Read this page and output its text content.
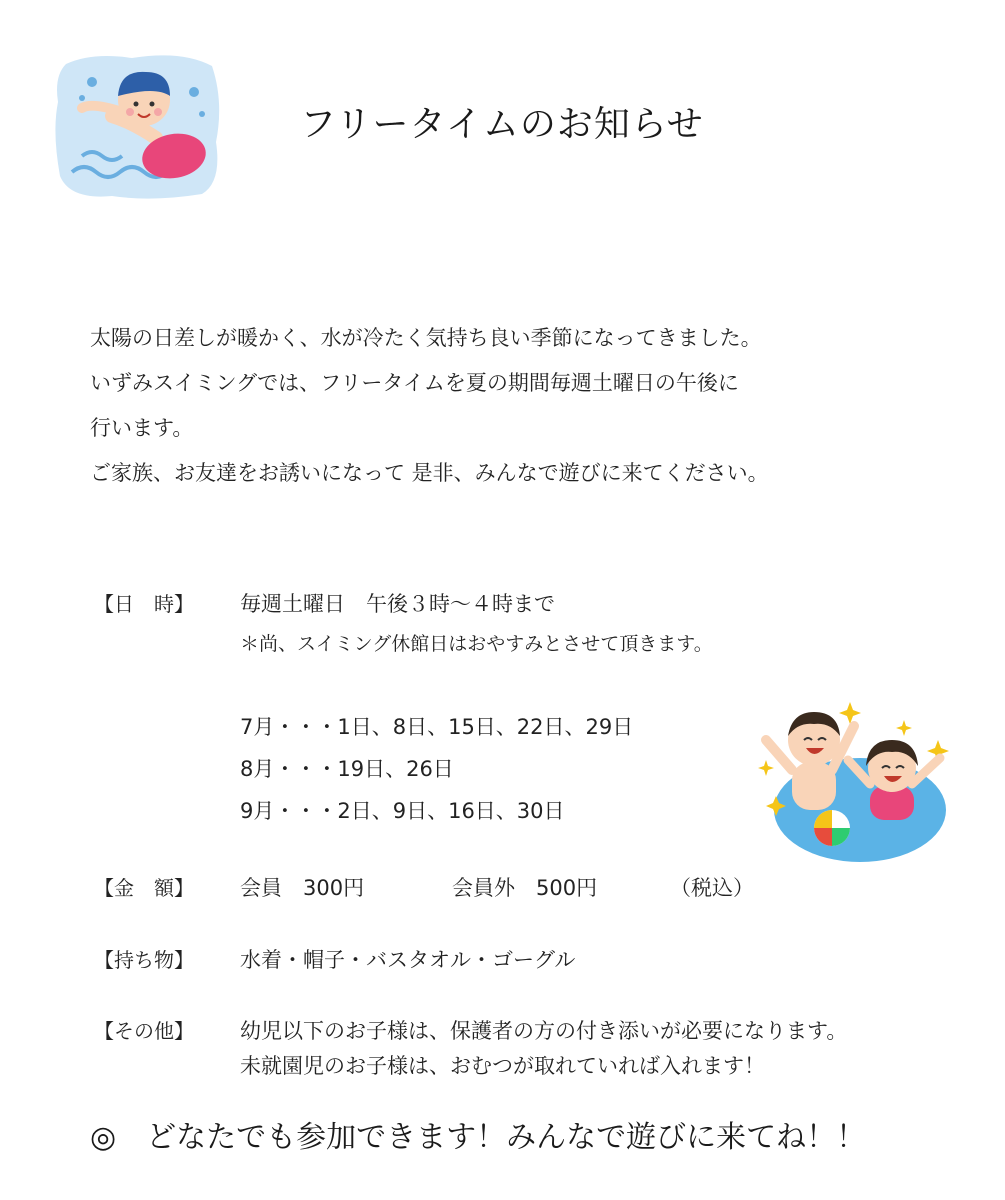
フリータイムのお知らせ
太陽の日差しが暖かく、水が冷たく気持ち良い季節になってきました。
いずみスイミングでは、フリータイムを夏の期間毎週土曜日の午後に
行います。
ご家族、お友達をお誘いになって 是非、みんなで遊びに来てください。
【日　時】 毎週土曜日　午後３時～４時まで
＊尚、スイミング休館日はおやすみとさせて頂きます。
7月・・・1日、8日、15日、22日、29日
8月・・・19日、26日
9月・・・2日、9日、16日、30日
【金　額】 会員　300円	会員外　500円	（税込）
【持ち物】 水着・帽子・バスタオル・ゴーグル
【その他】 幼児以下のお子様は、保護者の方の付き添いが必要になります。
未就園児のお子様は、おむつが取れていれば入れます！
◎　どなたでも参加できます！みんなで遊びに来てね！！
